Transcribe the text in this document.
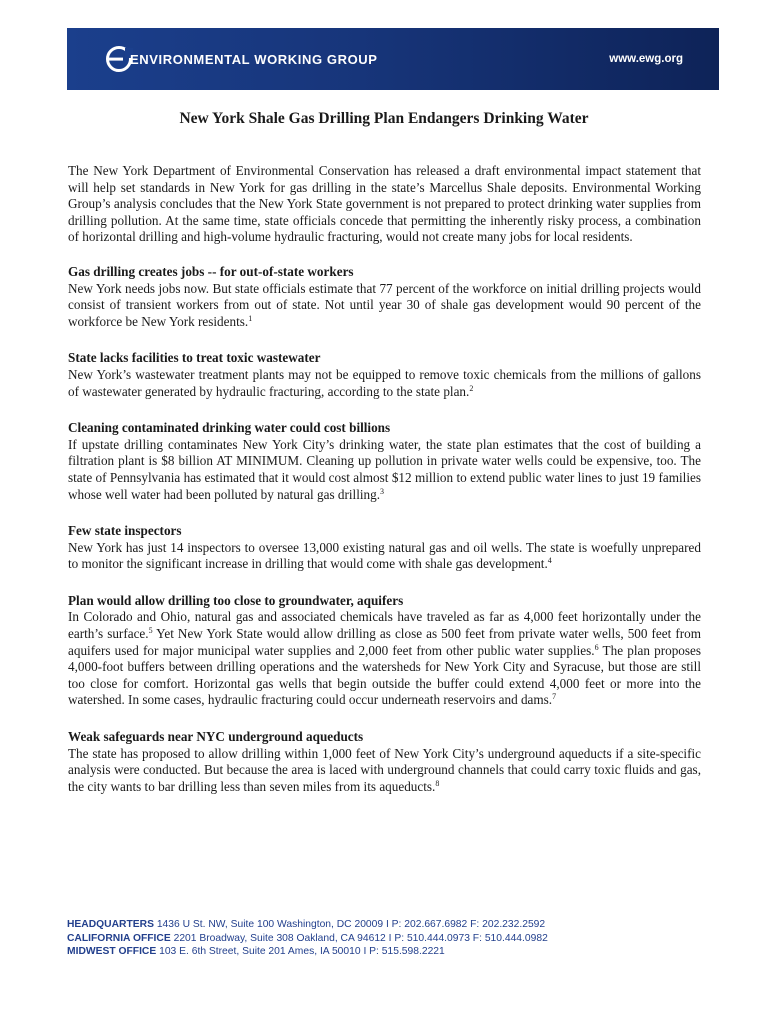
ENVIRONMENTAL WORKING GROUP	www.ewg.org
New York Shale Gas Drilling Plan Endangers Drinking Water

The New York Department of Environmental Conservation has released a draft environmental impact statement that will help set standards in New York for gas drilling in the state’s Marcellus Shale deposits. Environmental Working Group’s analysis concludes that the New York State government is not prepared to protect drinking water supplies from drilling pollution. At the same time, state officials concede that permitting the inherently risky process, a combination of horizontal drilling and high-volume hydraulic fracturing, would not create many jobs for local residents.

Gas drilling creates jobs -- for out-of-state workers

New York needs jobs now. But state officials estimate that 77 percent of the workforce on initial drilling projects would consist of transient workers from out of state. Not until year 30 of shale gas development would 90 percent of the workforce be New York residents.$^1$

State lacks facilities to treat toxic wastewater

New York’s wastewater treatment plants may not be equipped to remove toxic chemicals from the millions of gallons of wastewater generated by hydraulic fracturing, according to the state plan.$^2$

Cleaning contaminated drinking water could cost billions

If upstate drilling contaminates New York City’s drinking water, the state plan estimates that the cost of building a filtration plant is $8 billion AT MINIMUM. Cleaning up pollution in private water wells could be expensive, too. The state of Pennsylvania has estimated that it would cost almost $12 million to extend public water lines to just 19 families whose well water had been polluted by natural gas drilling.$^3$

Few state inspectors

New York has just 14 inspectors to oversee 13,000 existing natural gas and oil wells. The state is woefully unprepared to monitor the significant increase in drilling that would come with shale gas development.$^4$

Plan would allow drilling too close to groundwater, aquifers

In Colorado and Ohio, natural gas and associated chemicals have traveled as far as 4,000 feet horizontally under the earth’s surface.$^5$ Yet New York State would allow drilling as close as 500 feet from private water wells, 500 feet from aquifers used for major municipal water supplies and 2,000 feet from other public water supplies.$^6$ The plan proposes 4,000-foot buffers between drilling operations and the watersheds for New York City and Syracuse, but those are still too close for comfort. Horizontal gas wells that begin outside the buffer could extend 4,000 feet or more into the watershed. In some cases, hydraulic fracturing could occur underneath reservoirs and dams.$^7$

Weak safeguards near NYC underground aqueducts

The state has proposed to allow drilling within 1,000 feet of New York City’s underground aqueducts if a site-specific analysis were conducted. But because the area is laced with underground channels that could carry toxic fluids and gas, the city wants to bar drilling less than seven miles from its aqueducts.$^8$

HEADQUARTERS 1436 U St. NW, Suite 100 Washington, DC 20009 I P: 202.667.6982 F: 202.232.2592
CALIFORNIA OFFICE 2201 Broadway, Suite 308 Oakland, CA 94612 I P: 510.444.0973 F: 510.444.0982
MIDWEST OFFICE 103 E. 6th Street, Suite 201 Ames, IA 50010 I P: 515.598.2221
